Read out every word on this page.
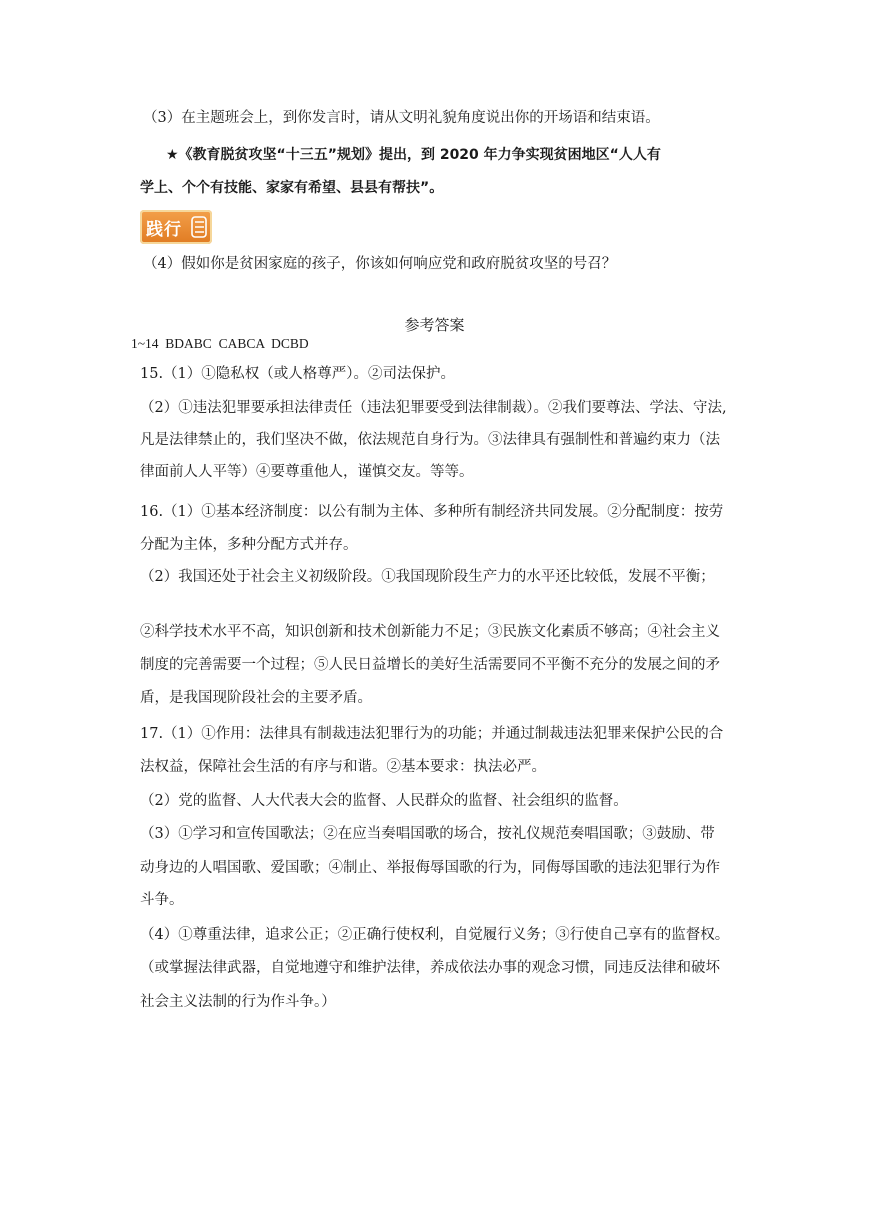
（3）在主题班会上，到你发言时，请从文明礼貌角度说出你的开场语和结束语。
★《教育脱贫攻坚“十三五”规划》提出，到 2020 年力争实现贫困地区“人人有
学上、个个有技能、家家有希望、县县有帮扶”。
践行
（4）假如你是贫困家庭的孩子，你该如何响应党和政府脱贫攻坚的号召？
参考答案
1~14  BDABC  CABCA  DCBD
15.（1）①隐私权（或人格尊严）。②司法保护。
（2）①违法犯罪要承担法律责任（违法犯罪要受到法律制裁）。②我们要尊法、学法、守法,
凡是法律禁止的，我们坚决不做，依法规范自身行为。③法律具有强制性和普遍约束力（法
律面前人人平等）④要尊重他人，谨慎交友。等等。
16.（1）①基本经济制度：以公有制为主体、多种所有制经济共同发展。②分配制度：按劳
分配为主体，多种分配方式并存。
（2）我国还处于社会主义初级阶段。①我国现阶段生产力的水平还比较低，发展不平衡；
②科学技术水平不高，知识创新和技术创新能力不足；③民族文化素质不够高；④社会主义
制度的完善需要一个过程；⑤人民日益增长的美好生活需要同不平衡不充分的发展之间的矛
盾，是我国现阶段社会的主要矛盾。
17.（1）①作用：法律具有制裁违法犯罪行为的功能；并通过制裁违法犯罪来保护公民的合
法权益，保障社会生活的有序与和谐。②基本要求：执法必严。
（2）党的监督、人大代表大会的监督、人民群众的监督、社会组织的监督。
（3）①学习和宣传国歌法；②在应当奏唱国歌的场合，按礼仪规范奏唱国歌；③鼓励、带
动身边的人唱国歌、爱国歌；④制止、举报侮辱国歌的行为，同侮辱国歌的违法犯罪行为作
斗争。
（4）①尊重法律，追求公正；②正确行使权利，自觉履行义务；③行使自己享有的监督权。
（或掌握法律武器，自觉地遵守和维护法律，养成依法办事的观念习惯，同违反法律和破坏
社会主义法制的行为作斗争。）
